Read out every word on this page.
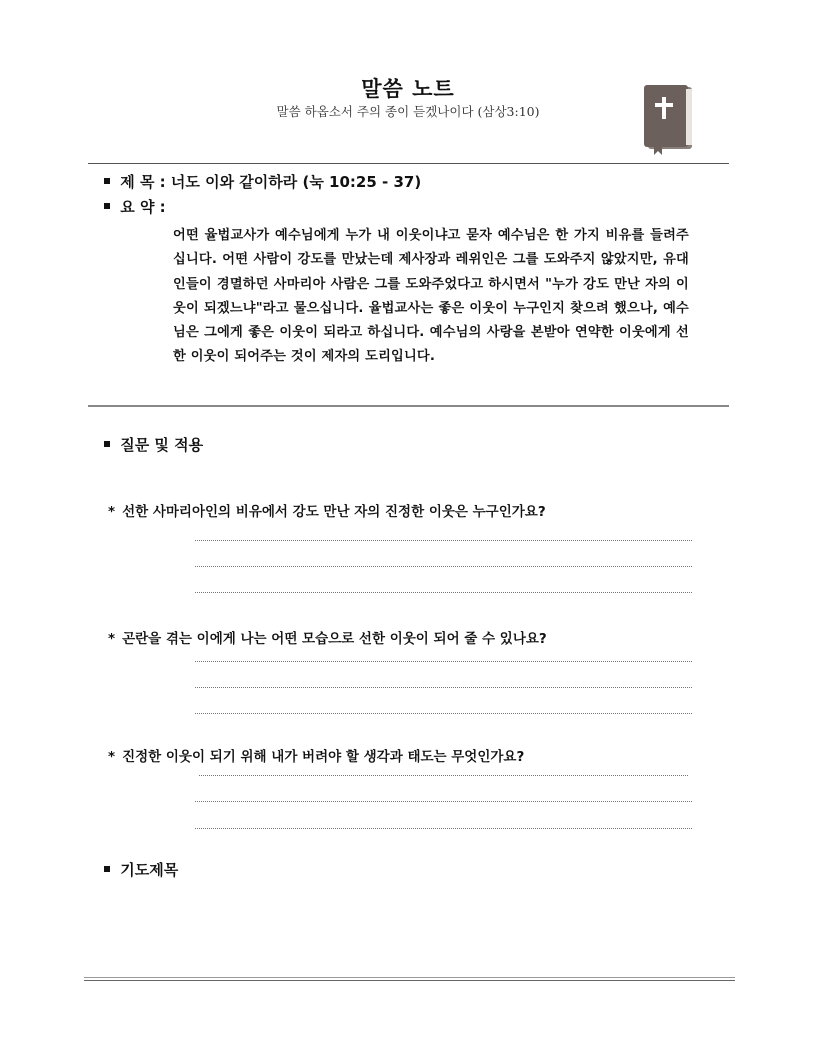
말씀 노트
말씀 하옵소서 주의 종이 듣겠나이다 (삼상3:10)
제 목 : 너도 이와 같이하라 (눅 10:25 - 37)
요 약 :
어떤 율법교사가 예수님에게 누가 내 이웃이냐고 묻자 예수님은 한 가지 비유를 들려주십니다. 어떤 사람이 강도를 만났는데 제사장과 레위인은 그를 도와주지 않았지만, 유대인들이 경멸하던 사마리아 사람은 그를 도와주었다고 하시면서 "누가 강도 만난 자의 이웃이 되겠느냐"라고 물으십니다. 율법교사는 좋은 이웃이 누구인지 찾으려 했으나, 예수님은 그에게 좋은 이웃이 되라고 하십니다. 예수님의 사랑을 본받아 연약한 이웃에게 선한 이웃이 되어주는 것이 제자의 도리입니다.
질문 및 적용
* 선한 사마리아인의 비유에서 강도 만난 자의 진정한 이웃은 누구인가요?
* 곤란을 겪는 이에게 나는 어떤 모습으로 선한 이웃이 되어 줄 수 있나요?
* 진정한 이웃이 되기 위해 내가 버려야 할 생각과 태도는 무엇인가요?
기도제목
